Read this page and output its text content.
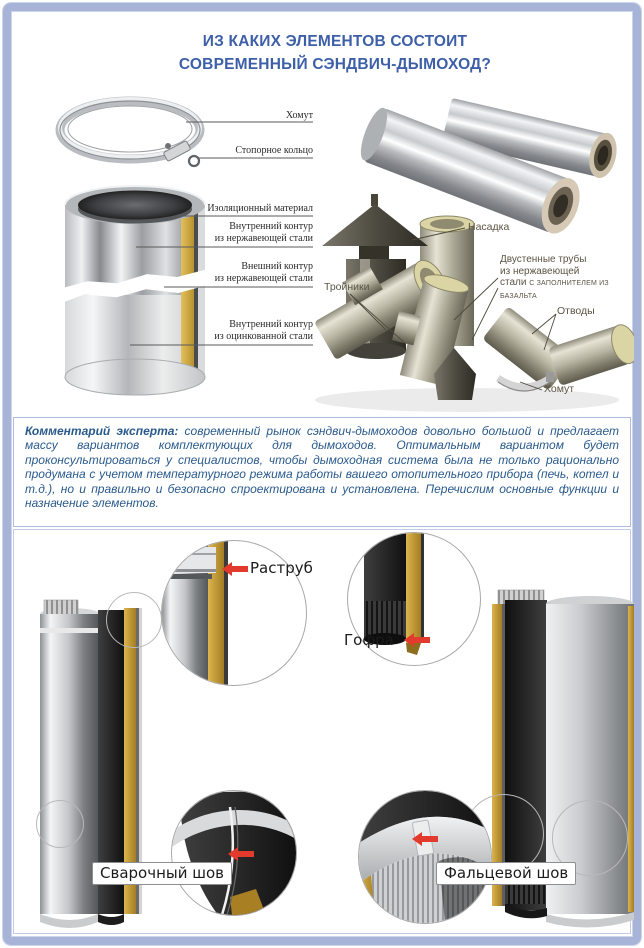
ИЗ КАКИХ ЭЛЕМЕНТОВ СОСТОИТ
СОВРЕМЕННЫЙ СЭНДВИЧ-ДЫМОХОД?
Хомут
Стопорное кольцо
Изоляционный материал
Внутренний контур
из нержавеющей стали
Внешний контур
из нержавеющей стали
Внутренний контур
из оцинкованной стали
Насадка
Тройники
Двустенные трубы
из нержавеющей
стали С ЗАПОЛНИТЕЛЕМ ИЗ БАЗАЛЬТА
Отводы
Хомут
Комментарий эксперта: современный рынок сэндвич-дымоходов довольно большой и предлагает массу вариантов комплектующих для дымоходов. Оптимальным вариантом будет проконсультироваться у специалистов, чтобы дымоходная система была не только рационально продумана с учетом температурного режима работы вашего отопительного прибора (печь, котел и т.д.), но и правильно и безопасно спроектирована и установлена. Перечислим основные функции и назначение элементов.
Раструб
Гофра
Сварочный шов	Фальцевой шов
